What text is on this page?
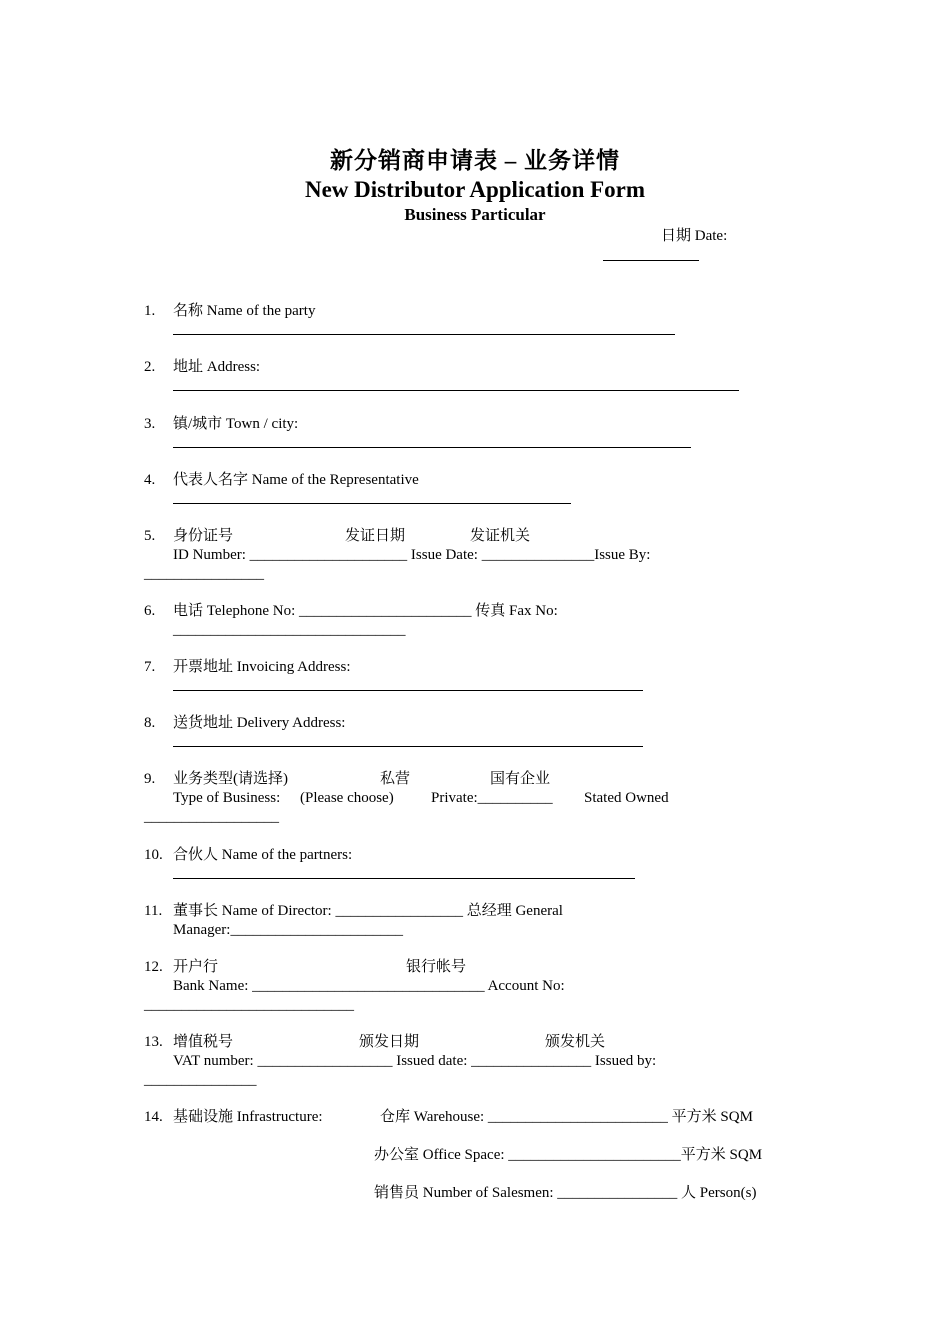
新分销商申请表 – 业务详情
New Distributor Application Form
Business Particular
日期 Date:
1.	名称 Name of the party
2.	地址 Address:
3.	镇/城市 Town / city:
4.	代表人名字 Name of the Representative
5.	身份证号	发证日期	发证机关
ID Number: _____________________ Issue Date: _______________Issue By:
________________
6.	电话 Telephone No: _______________________ 传真 Fax No:
_______________________________
7.	开票地址 Invoicing Address:
8.	送货地址 Delivery Address:
9.	业务类型(请选择)	私营	国有企业
Type of Business: (Please choose) Private:__________ Stated Owned
__________________
10. 合伙人 Name of the partners:
11. 董事长 Name of Director: _________________ 总经理 General
Manager:_______________________
12. 开户行	银行帐号
Bank Name: _______________________________ Account No:
____________________________
13. 增值税号	颁发日期	颁发机关
VAT number: __________________ Issued date: ________________ Issued by:
_______________
14. 基础设施 Infrastructure:	仓库 Warehouse: ________________________ 平方米 SQM
办公室 Office Space: _______________________平方米 SQM
销售员 Number of Salesmen: ________________ 人 Person(s)
